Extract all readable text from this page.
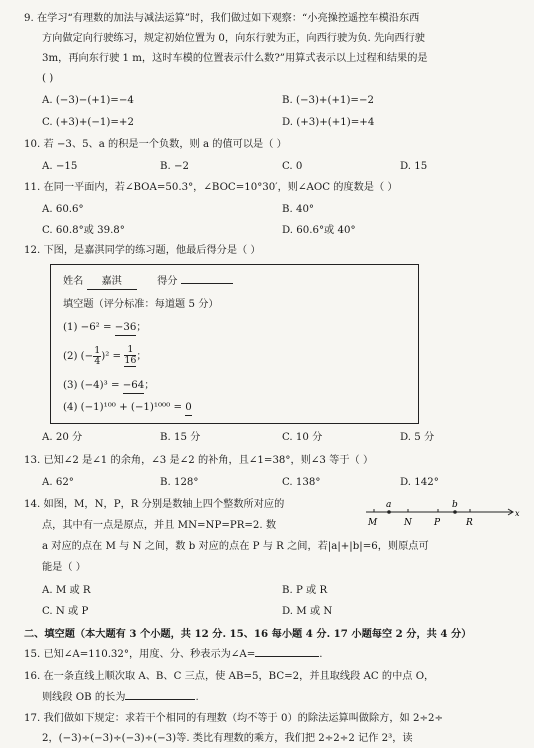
9. 在学习“有理数的加法与减法运算”时，我们做过如下观察：“小亮操控遥控车模沿东西
方向做定向行驶练习，规定初始位置为 0，向东行驶为正，向西行驶为负. 先向西行驶
3m，再向东行驶 1 m，这时车模的位置表示什么数?”用算式表示以上过程和结果的是
( )
A. (−3)−(+1)=−4	B. (−3)+(+1)=−2
C. (+3)+(−1)=+2	D. (+3)+(+1)=+4
10. 若 −3、5、a 的积是一个负数，则 a 的值可以是（ ）
A. −15	B. −2	C. 0	D. 15
11. 在同一平面内，若∠BOA=50.3°，∠BOC=10°30′，则∠AOC 的度数是（ ）
A. 60.6°	B. 40°
C. 60.8°或 39.8°	D. 60.6°或 40°
12. 下图，是嘉淇同学的练习题，他最后得分是（ ）
姓名 嘉淇	得分
填空题（评分标准：每道题 5 分）
(1) −6² = −36；
(2) (− $\frac{1}{4} )^2 = \frac{1}{16}$ ；
(3) (−4)³ = −64；
(4) (−1)¹⁰⁰ + (−1)¹⁰⁰⁰ = 0
A. 20 分	B. 15 分	C. 10 分	D. 5 分
13. 已知∠2 是∠1 的余角，∠3 是∠2 的补角，且∠1=38°，则∠3 等于（ ）
A. 62°	B. 128°	C. 138°	D. 142°
14. 如图，M，N，P，R 分别是数轴上四个整数所对应的
点，其中有一点是原点，并且 MN=NP=PR=2. 数
a 对应的点在 M 与 N 之间，数 b 对应的点在 P 与 R 之间，若|a|+|b|=6，则原点可
能是（ ）
a	b
M	N P	R
x
A. M 或 R	B. P 或 R
C. N 或 P	D. M 或 N
二、填空题（本大题有 3 个小题，共 12 分. 15、16 每小题 4 分. 17 小题每空 2 分，共 4 分）
15. 已知∠A=110.32°，用度、分、秒表示为∠A=	.
16. 在一条直线上顺次取 A、B、C 三点，使 AB=5，BC=2，并且取线段 AC 的中点 O，
则线段 OB 的长为	.
17. 我们做如下规定：求若干个相同的有理数（均不等于 0）的除法运算叫做除方，如 2÷2÷
2，(−3)÷(−3)÷(−3)÷(−3)等. 类比有理数的乘方，我们把 2÷2÷2 记作 2³，读
